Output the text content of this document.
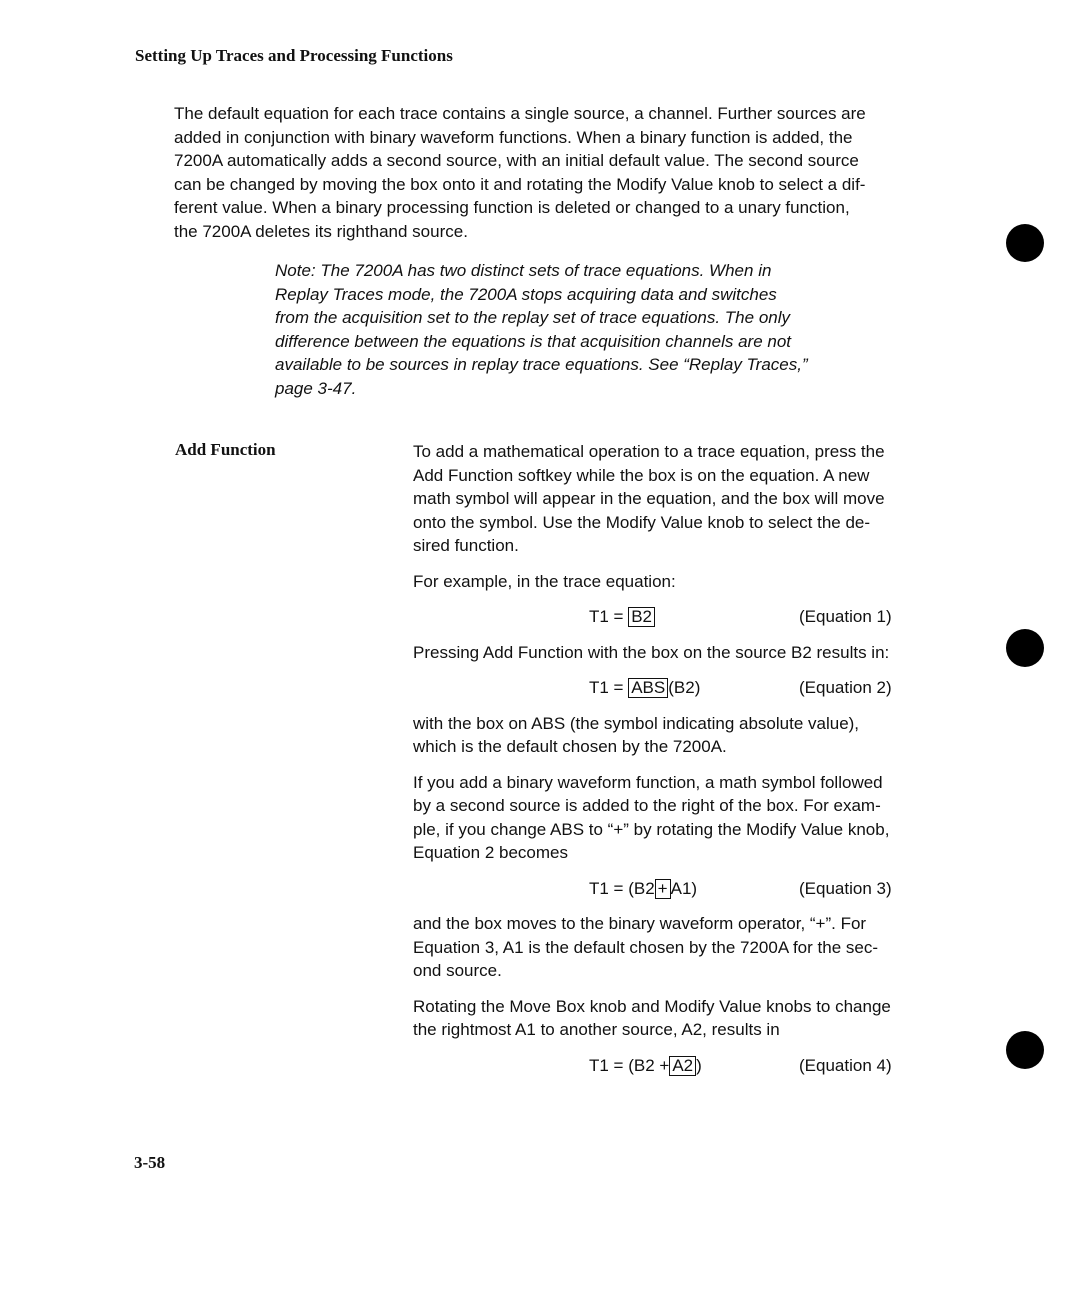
Setting Up Traces and Processing Functions
The default equation for each trace contains a single source, a channel. Further sources are
added in conjunction with binary waveform functions. When a binary function is added, the
7200A automatically adds a second source, with an initial default value. The second source
can be changed by moving the box onto it and rotating the Modify Value knob to select a dif-
ferent value. When a binary processing function is deleted or changed to a unary function,
the 7200A deletes its righthand source.
Note: The 7200A has two distinct sets of trace equations. When in
Replay Traces mode, the 7200A stops acquiring data and switches
from the acquisition set to the replay set of trace equations. The only
difference between the equations is that acquisition channels are not
available to be sources in replay trace equations. See “Replay Traces,”
page 3-47.
Add Function	To add a mathematical operation to a trace equation, press the
Add Function softkey while the box is on the equation. A new
math symbol will appear in the equation, and the box will move
onto the symbol. Use the Modify Value knob to select the de-
sired function.
For example, in the trace equation:
T1 = B2	(Equation 1)
Pressing Add Function with the box on the source B2 results in:
T1 = ABS (B2)	(Equation 2)
with the box on ABS (the symbol indicating absolute value),
which is the default chosen by the 7200A.
If you add a binary waveform function, a math symbol followed
by a second source is added to the right of the box. For exam-
ple, if you change ABS to “+” by rotating the Modify Value knob,
Equation 2 becomes
T1 = (B2 + A1)	(Equation 3)
and the box moves to the binary waveform operator, “+”. For
Equation 3, A1 is the default chosen by the 7200A for the sec-
ond source.
Rotating the Move Box knob and Modify Value knobs to change
the rightmost A1 to another source, A2, results in
T1 = (B2 + A2 )	(Equation 4)
3-58
